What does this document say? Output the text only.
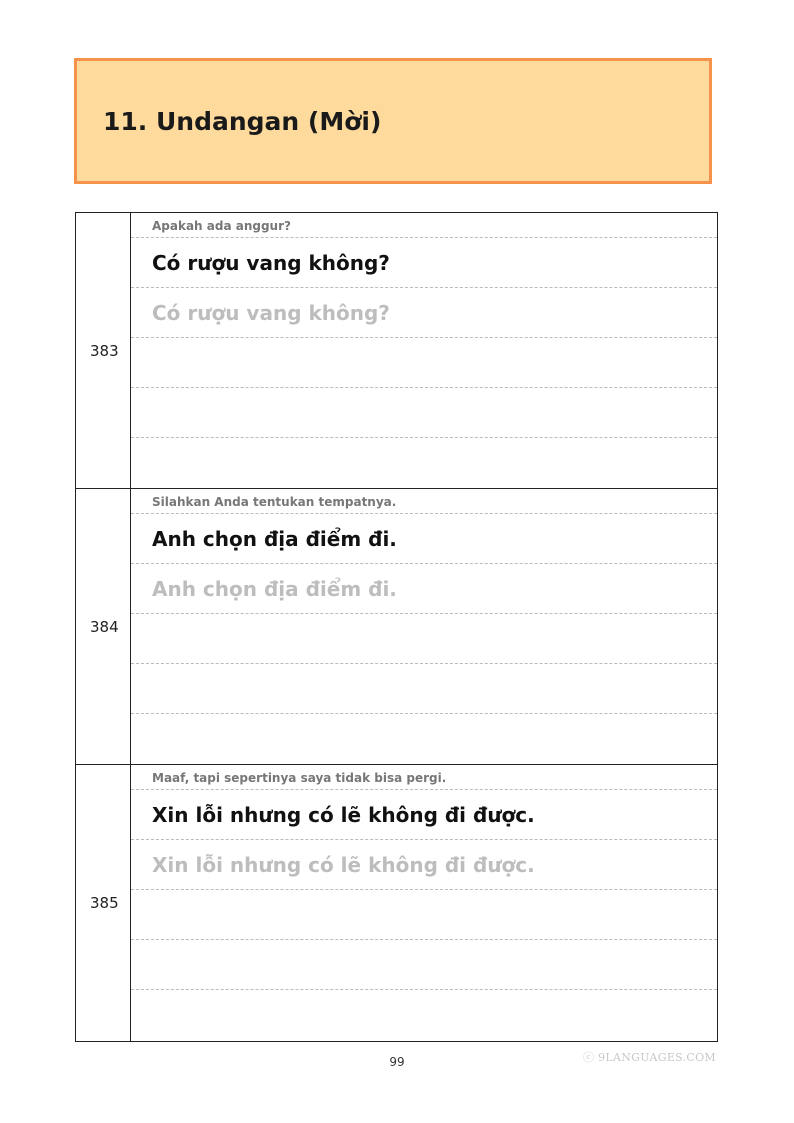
11. Undangan (Mời)
383
Apakah ada anggur?
Có rượu vang không?
Có rượu vang không?
384
Silahkan Anda tentukan tempatnya.
Anh chọn địa điểm đi.
Anh chọn địa điểm đi.
385
Maaf, tapi sepertinya saya tidak bisa pergi.
Xin lỗi nhưng có lẽ không đi được.
Xin lỗi nhưng có lẽ không đi được.
99	ⓒ 9LANGUAGES.COM
